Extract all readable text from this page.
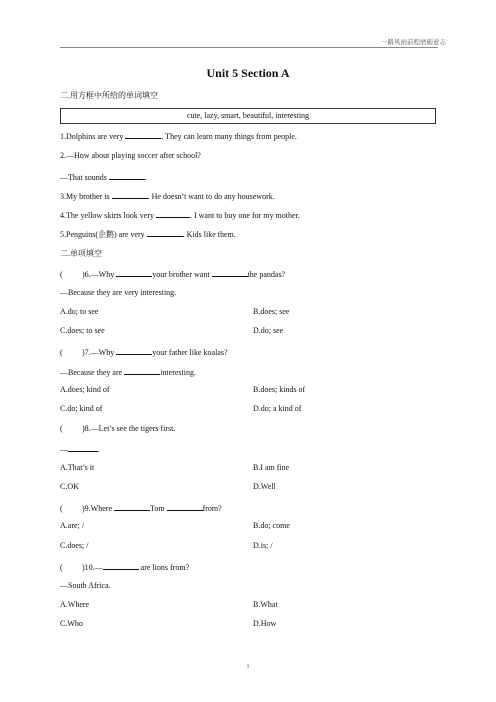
一路风雨前程磨砺意志
Unit 5 Section A
二.用方框中所给的单词填空
cute, lazy, smart, beautiful, interesting
1.Dolphins are very	. They can learn many things from people.
2.—How about playing soccer after school?
—That sounds	.
3.My brother is	. He doesn’t want to do any housework.
4.The yellow skirts look very	. I want to buy one for my mother.
5.Penguins(企鹅) are very	. Kids like them.
二.单项填空
( )6.—Why	your brother want	the pandas?
—Because they are very interesting.
A.do; to see	B.does; see
C.does; to see	D.do; see
( )7.—Why	your father like koalas?
—Because they are	interesting.
A.does; kind of	B.does; kinds of
C.do; kind of	D.do; a kind of
( )8.—Let’s see the tigers first.
—	.
A.That’s it	B.I am fine
C.OK	D.Well
( )9.Where	Tom	from?
A.are; /	B.do; come
C.does; /	D.is; /
( )10.—	are lions from?
—South Africa.
A.Where	B.What
C.Who	D.How
1
